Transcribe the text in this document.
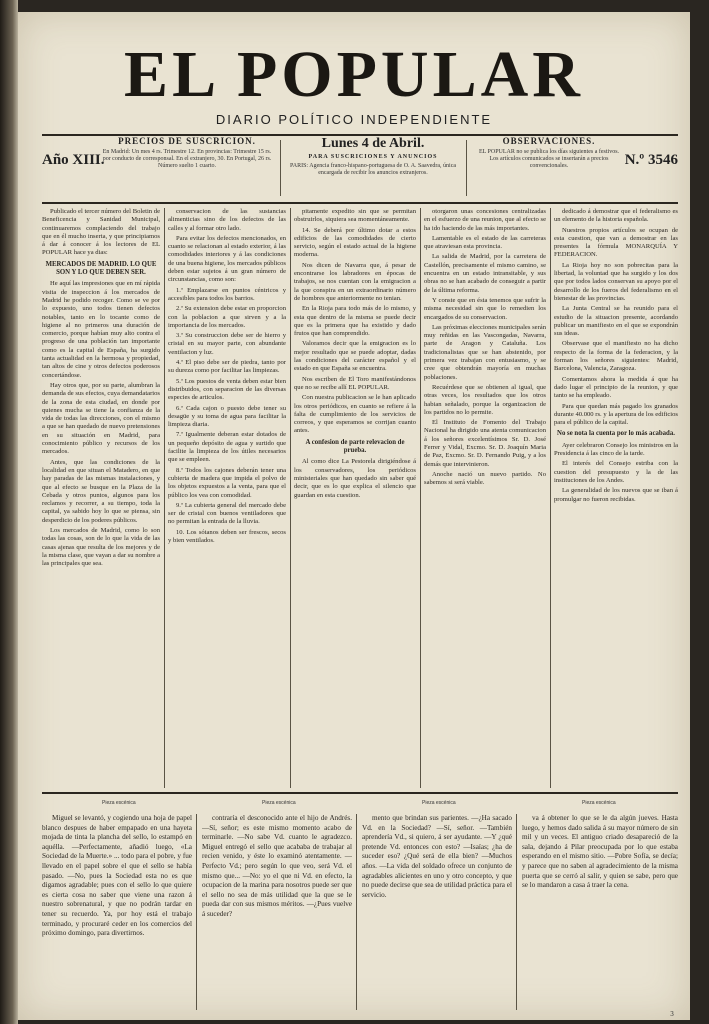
EL POPULAR
DIARIO POLÍTICO INDEPENDIENTE
Año XIII.
PRECIOS DE SUSCRICION.
En Madrid: Un mes 4 rs. Trimestre 12. En provincias: Trimestre 15 rs. por conducto de corresponsal. En el extranjero, 30. En Portugal, 26 rs. Número suelto 1 cuarto.
Lunes 4 de Abril.
PARA SUSCRICIONES Y ANUNCIOS
PARIS: Agencia franco-hispano-portuguesa de O. A. Saavedra, única encargada de recibir los anuncios extranjeros.
OBSERVACIONES.
EL POPULAR no se publica los días siguientes a festivos. Los artículos comunicados se insertarán a precios convencionales.	N.º 3546

Publicado el tercer número del Boletin de Beneficencia y Sanidad Municipal, continuaremos complaciendo del trabajo que en él mucho inserta, y que principiamos á dar á conocer á los lectores de EL POPULAR hace ya dias:

MERCADOS DE MADRID. LO QUE SON Y LO QUE DEBEN SER.

He aquí las impresiones que en mí rápida visita de inspeccion á los mercados de Madrid he podido recoger. Como se ve por lo expuesto, uno todos tienen defectos notables, tanto en lo tocante como de higiene al no primeros una duración de comercio, porque habían muy alto contra el progreso de una población tan importante como es la capital de España, ha surgido tanta actualidad en la hermosa y propiedad, tan altos de cine y otros defectos poderosos concertándose.

Hay otros que, por su parte, alumbran la demanda de sus efectos, cuya demandatarios de la zona de esta ciudad, en donde por quienes mucha se tiene la confianza de la vida de todas las direcciones, con el mismo a que se han quedado de nuevo pretensiones en su situación en Madrid, para conocimiento público y recursos de los mercados.

Antes, que las condiciones de la localidad en que situan el Matadero, en que hay paradas de las mismas instalaciones, y que al efecto se busque en la Plaza de la Cebada y otros puntos, algunos para los reclamos y recorrer, a su tiempo, toda la capital, ya sabido hoy lo que se piensa, sin desperdicio de los poderes públicos.

Los mercados de Madrid, como lo son todas las cosas, son de lo que la vida de las casas ajenas que resulta de los mejores y de la misma clase, que vayan a dar su nombre a las principales que sea.

conservacion de las sustancias alimenticias sino de los defectos de las calles y al formar otro lado.

Para evitar los defectos mencionados, en cuanto se relacionan al estado exterior, á las comodidades interiores y á las condiciones de una buena higiene, los mercados públicos deben estar sujetos á un gran número de circunstancias, como son:

1.ª Emplazarse en puntos céntricos y accesibles para todos los barrios.

2.ª Su extension debe estar en proporcion con la poblacion a que sirven y a la importancia de los mercados.

3.ª Su construccion debe ser de hierro y cristal en su mayor parte, con abundante ventilacion y luz.

4.ª El piso debe ser de piedra, tanto por su dureza como por facilitar las limpiezas.

5.ª Los puestos de venta deben estar bien distribuidos, con separacion de las diversas especies de articulos.

6.ª Cada cajon o puesto debe tener su desagüe y su toma de agua para facilitar la limpieza diaria.

7.ª Igualmente deberan estar dotados de un pequeño depósito de agua y surtido que facilite la limpieza de los útiles necesarios que se empleen.

8.ª Todos los cajones deberán tener una cubierta de madera que impida el polvo de los objetos expuestos a la venta, para que el público los vea con comodidad.

9.ª La cubierta general del mercado debe ser de cristal con buenos ventiladores que no permitan la entrada de la lluvia.

10. Los sótanos deben ser frescos, secos y bien ventilados.

pitamente expedito sin que se permitan obstruirlos, siquiera sea momentáneamente.

14. Se deberá por último dotar a estos edificios de las comodidades de cierto servicio, según el estado actual de la higiene moderna.

Nos dicen de Navarra que, á pesar de encontrarse los labradores en épocas de trabajos, se nos cuentan con la emigracion a la que conspira en un extraordinario número de hombres que anteriormente no tenian.

En la Rioja para todo más de lo mismo, y esta que dentro de la misma se puede decir que es la primera que ha existido y dado frutos que han comprendido.

Valoramos decir que la emigracion es lo mejor resultado que se puede adoptar, dadas las condiciones del carácter español y el estado en que España se encuentra.

Nos escriben de El Toro manifestándonos que no se recibe allí EL POPULAR.

Con nuestra publicacion se le han aplicado los otros periódicos, en cuanto se refiere á la falta de cumplimiento de los servicios de correos, y que esperamos se corrijan cuanto antes.

A confesion de parte relevacion de prueba.

Al como dice La Pestorela dirigiéndose á los conservadores, los periódicos ministeriales que han quedado sin saber qué decir, que es lo que explica el silencio que guardan en esta cuestion.

otorgaron unas concesiones centralizadas en el esfuerzo de una reunion, que al efecto se ha ido haciendo de las más importantes.

Lamentable es el estado de las carreteras que atraviesan esta provincia.

La salida de Madrid, por la carretera de Castellón, precisamente el mismo camino, se encuentra en un estado intransitable, y sus obras no se han acabado de conseguir a partir de la última reforma.

Y conste que en ésta tenemos que sufrir la misma necesidad sin que lo remedien los encargados de su conservacion.

Las próximas elecciones municipales serán muy reñidas en las Vascongadas, Navarra, parte de Aragon y Cataluña. Los tradicionalistas que se han abstenido, por primera vez trabajan con entusiasmo, y se cree que obtendrán mayoría en muchas poblaciones.

Recuérdese que se obtienen al igual, que otras veces, los resultados que los otros habian señalado, porque la organizacion de los partidos no lo permite.

El Instituto de Fomento del Trabajo Nacional ha dirigido una atenta comunicacion á los señores excelentísimos Sr. D. José Ferrer y Vidal, Excmo. Sr. D. Joaquín Maria de Paz, Excmo. Sr. D. Fernando Puig, y a los demás que intervinieron.

Anoche nació un nuevo partido. No sabemos si será viable.

dedicado á demostrar que el federalismo es un elemento de la historia española.

Nuestros propios artículos se ocupan de esta cuestion, que van a demostrar en las presentes la fórmula MONARQUÍA Y FEDERACION.

La Rioja hoy no son pobrecitas para la libertad, la voluntad que ha surgido y los dos que por todos lados conservan su apoyo por el desarrollo de los fueros del federalismo en el bienestar de las provincias.

La Junta Central se ha reunido para el estudio de la situacion presente, acordando publicar un manifiesto en el que se expondrán sus ideas.

Observase que el manifiesto no ha dicho respecto de la forma de la federacion, y la forman los señores siguientes: Madrid, Barcelona, Valencia, Zaragoza.

Comentamos ahora la medida á que ha dado lugar el principio de la reunion, y que tanto se ha empleado.

Para que quedan más pagado los granados durante 40.000 rs. y la apertura de los edificios para el público de la capital.

No se nota la cuenta por lo más acabada.

Ayer celebraron Consejo los ministros en la Presidencia á las cinco de la tarde.

El interés del Consejo estriba con la cuestion del presupuesto y la de las instituciones de los Andes.

La generalidad de los nuevos que se iban á promulgar no fueron recibidas.

Pieza escénica	Pieza escénica	Pieza escénica	Pieza escénica

Miguel se levantó, y cogiendo una hoja de papel blanco despues de haber empapado en una hayeta mojada de tinta la plancha del sello, lo estampó en aquélla. —Perfectamente, añadió luego, «La Sociedad de la Muerte.» ... todo para el pobre, y fue llevado en el papel sobre el que el sello se había pasado. —No, pues la Sociedad esta no es que digamos agradable; pues con el sello lo que quiere es cierta cosa no saber que viene una razon á nuestro sobrenatural, y que no podrán tardar en tener su recuerdo. Ya, por hoy está el trabajo terminado, y procuraré ceder en los comercios del próximo domingo, para divertirnos.

contraría el desconocido ante el hijo de Andrés. —Sí, señor; es este mismo momento acabo de terminarle. —No sabe Vd. cuanto le agradezco. Miguel entregó el sello que acababa de trabajar al recien venido, y éste lo examinó atentamente. —Perfecto Vd.; pero según lo que veo, será Vd. el mismo que... —No: yo el que ni Vd. en efecto, la ocupacion de la marina para nosotros puede ser que el sello no sea de más utilidad que la que se le pueda dar con sus mismos méritos. —¿Pues vuelve á suceder?

mento que brindan sus parientes. —¿Ha sacado Vd. en la Sociedad? —Sí, señor. —También aprendería Vd., si quiero, á ser ayudante. —Y ¿qué pretende Vd. entonces con esto? —Isaías; ¿ha de suceder eso? ¿Qué será de ella bien? —Muchos años. —La vida del soldado ofrece un conjunto de agradables alicientes en uno y otro concepto, y que no puede decirse que sea de utilidad práctica para el servicio.

va á obtener lo que se le da algún jueves. Hasta luego, y hemos dado salida á su mayor número de sin mil y un veces. El antiguo criado desapareció de la sala, dejando á Pilar preocupada por lo que estaba esperando en el mismo sitio. —Pobre Sofía, se decía; y parece que no saben al agradecimiento de la misma puerta que se cerró al salir, y quien se sabe, pero que se lo mandaron a casa á traer la cena.

3
